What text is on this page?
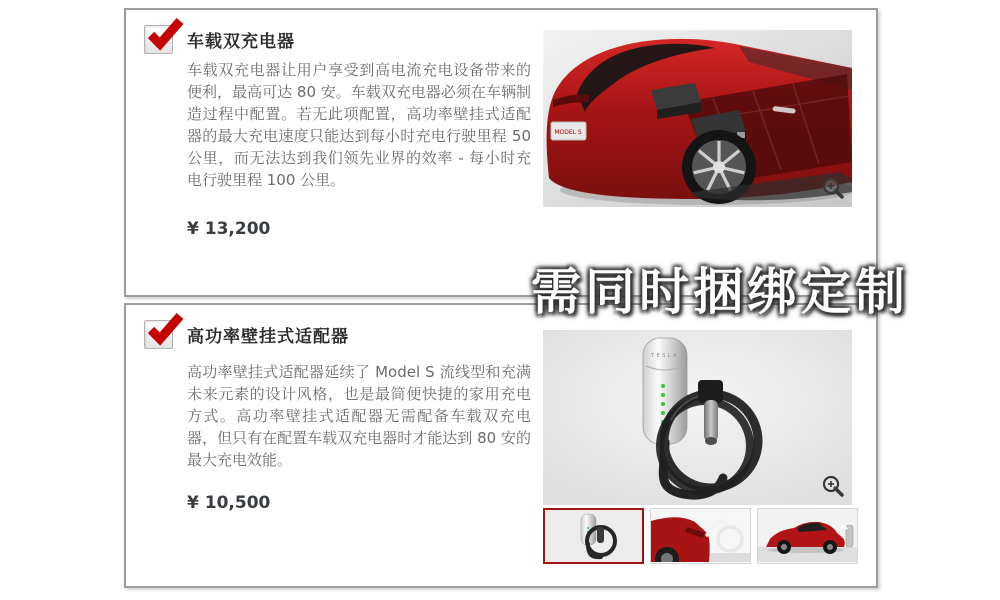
车载双充电器
车载双充电器让用户享受到高电流充电设备带来的便利，最高可达 80 安。车载双充电器必须在车辆制造过程中配置。若无此项配置，高功率壁挂式适配器的最大充电速度只能达到每小时充电行驶里程 50 公里，而无法达到我们领先业界的效率 - 每小时充电行驶里程 100 公里。
¥ 13,200
MODEL S
高功率壁挂式适配器
高功率壁挂式适配器延续了 Model S 流线型和充满未来元素的设计风格，也是最简便快捷的家用充电方式。高功率壁挂式适配器无需配备车载双充电器，但只有在配置车载双充电器时才能达到 80 安的最大充电效能。
¥ 10,500
TESLA
需同时捆绑定制
